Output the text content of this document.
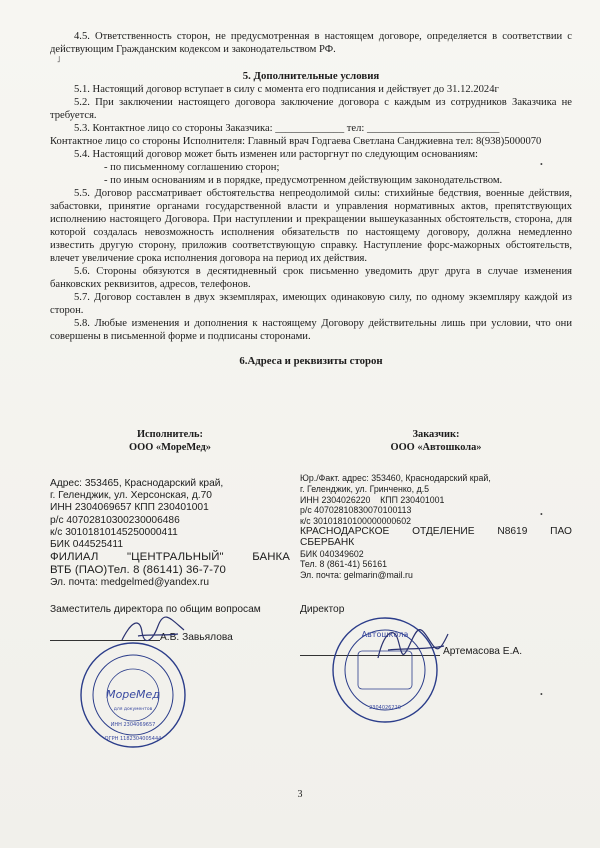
4.5. Ответственность сторон, не предусмотренная в настоящем договоре, определяется в соответствии с действующим Гражданским кодексом и законодательством РФ.

5. Дополнительные условия

5.1. Настоящий договор вступает в силу с момента его подписания и действует до 31.12.2024г

5.2. При заключении настоящего договора заключение договора с каждым из сотрудников Заказчика не требуется.

5.3. Контактное лицо со стороны Заказчика: _____________ тел: _________________________

Контактное лицо со стороны Исполнителя: Главный врач Годгаева Светлана Санджиевна тел: 8(938)5000070

5.4. Настоящий договор может быть изменен или расторгнут по следующим основаниям:

- по письменному соглашению сторон;

- по иным основаниям и в порядке, предусмотренном действующим законодательством.

5.5. Договор рассматривает обстоятельства непреодолимой силы: стихийные бедствия, военные действия, забастовки, принятие органами государственной власти и управления нормативных актов, препятствующих исполнению настоящего Договора. При наступлении и прекращении вышеуказанных обстоятельств, сторона, для которой создалась невозможность исполнения обязательств по настоящему договору, должна немедленно известить другую сторону, приложив соответствующую справку. Наступление форс-мажорных обстоятельств, влечет увеличение срока исполнения договора на период их действия.

5.6. Стороны обязуются в десятидневный срок письменно уведомить друг друга в случае изменения банковских реквизитов, адресов, телефонов.

5.7. Договор составлен в двух экземплярах, имеющих одинаковую силу, по одному экземпляру каждой из сторон.

5.8. Любые изменения и дополнения к настоящему Договору действительны лишь при условии, что они совершены в письменной форме и подписаны сторонами.

6.Адреса и реквизиты сторон

Исполнитель:
ООО «МореМед»
Адрес: 353465, Краснодарский край,
г. Геленджик, ул. Херсонская, д.70
ИНН 2304069657 КПП 230401001
р/с 40702810300230006486
к/с 30101810145250000411
БИК 044525411
ФИЛИАЛ	"ЦЕНТРАЛЬНЫЙ"	БАНКА
ВТБ (ПАО)Тел. 8 (86141) 36-7-70
Эл. почта: medgelmed@yandex.ru
Заказчик:
ООО «Автошкола»
Юр./Факт. адрес: 353460, Краснодарский край,
г. Геленджик, ул. Гринченко, д.5
ИНН 2304026220    КПП 230401001
р/с 40702810830070100113
к/с 30101810100000000602
КРАСНОДАРСКОЕ ОТДЕЛЕНИЕ N8619 ПАО
СБЕРБАНК
БИК 040349602
Тел. 8 (861-41) 56161
Эл. почта: gelmarin@mail.ru
Заместитель директора по общим вопросам
А.В. Завьялова
МореМед
для документов
ИНН 2304069657
ОГРН 1182304005444
Директор
Артемасова Е.А.
Автошкола
2304026220
•
•
•
˩
3
